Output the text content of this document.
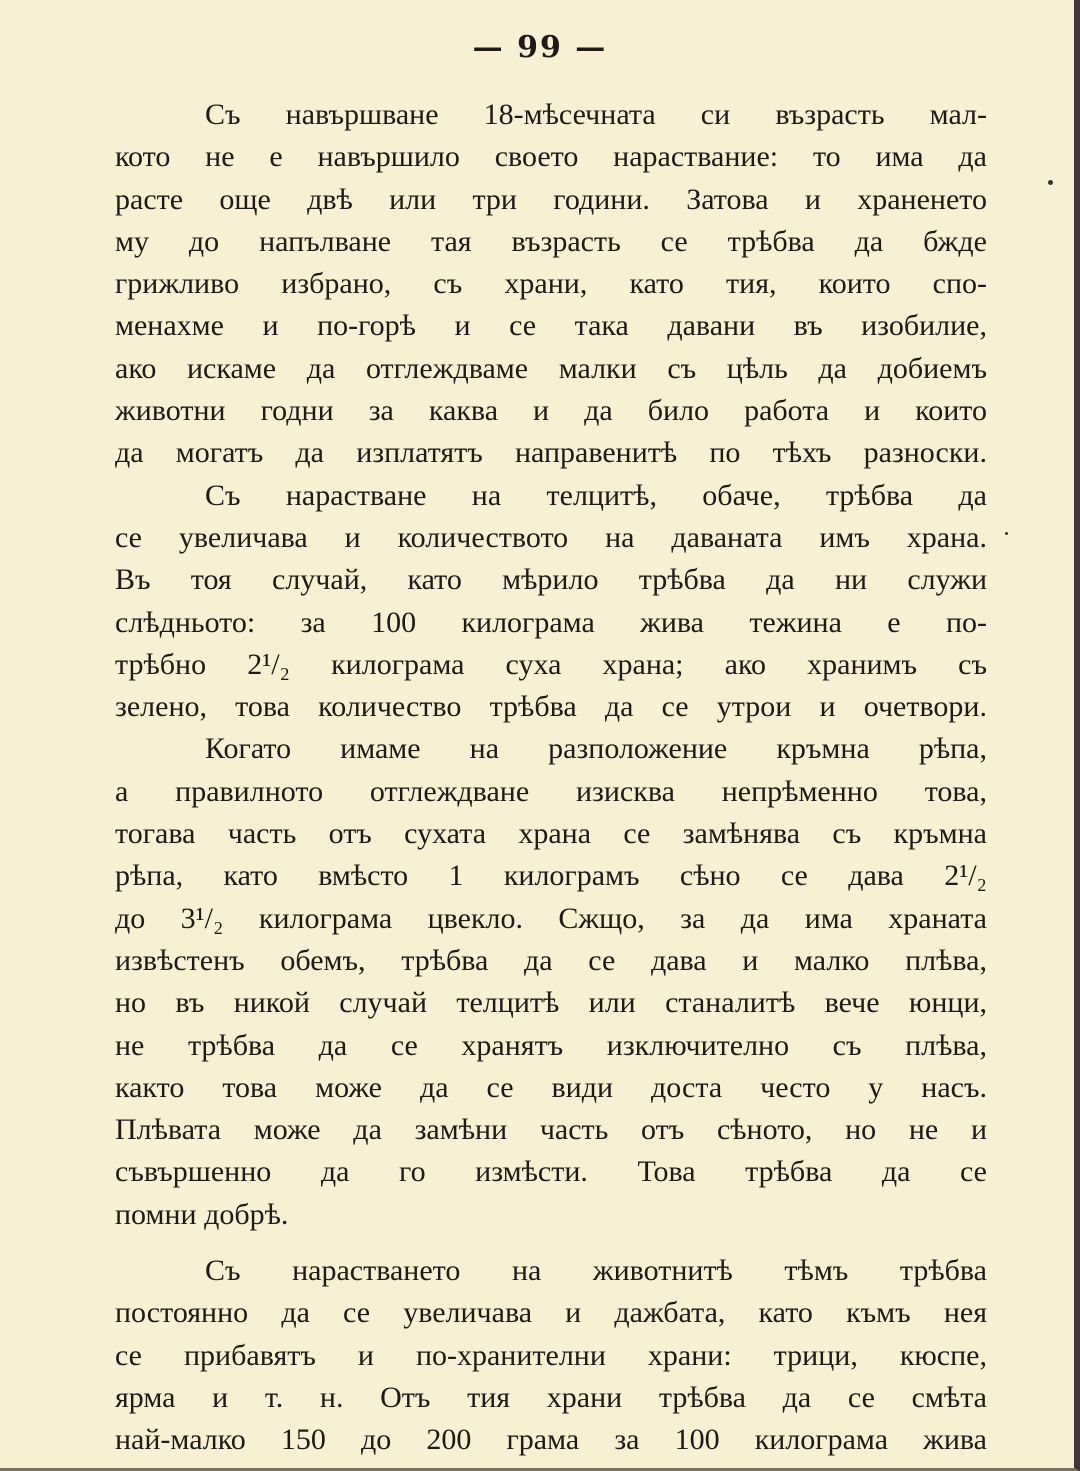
— 99 —
Съ навършване 18-мѣсечната си възрасть мал-
кото не е навършило своето нараствание: то има да
расте още двѣ или три години. Затова и храненето
му до напълване тая възрасть се трѣбва да бжде
грижливо избрано, съ храни, като тия, които спо-
менахме и по-горѣ и се така давани въ изобилие,
ако искаме да отглеждваме малки съ цѣль да добиемъ
животни годни за каква и да било работа и които
да могатъ да изплатятъ направенитѣ по тѣхъ разноски.
Съ нарастване на телцитѣ, обаче, трѣбва да
се увеличава и количеството на даваната имъ храна.
Въ тоя случай, като мѣрило трѣбва да ни служи
слѣдньото: за 100 килограма жива тежина е по-
трѣбно 2¹/₂ килограма суха храна; ако хранимъ съ
зелено, това количество трѣбва да се утрои и очетвори.
Когато имаме на разположение кръмна рѣпа,
а правилното отглеждване изисква непрѣменно това,
тогава часть отъ сухата храна се замѣнява съ кръмна
рѣпа, като вмѣсто 1 килограмъ сѣно се дава 2¹/₂
до 3¹/₂ килограма цвекло. Сжщо, за да има храната
извѣстенъ обемъ, трѣбва да се дава и малко плѣва,
но въ никой случай телцитѣ или станалитѣ вече юнци,
не трѣбва да се хранятъ изключително съ плѣва,
както това може да се види доста често у насъ.
Плѣвата може да замѣни часть отъ сѣното, но не и
съвършенно да го измѣсти. Това трѣбва да се
помни добрѣ.
Съ нарастването на животнитѣ тѣмъ трѣбва
постоянно да се увеличава и дажбата, като къмъ нея
се прибавятъ и по-хранителни храни: трици, кюспе,
ярма и т. н. Отъ тия храни трѣбва да се смѣта
най-малко 150 до 200 грама за 100 килограма жива
